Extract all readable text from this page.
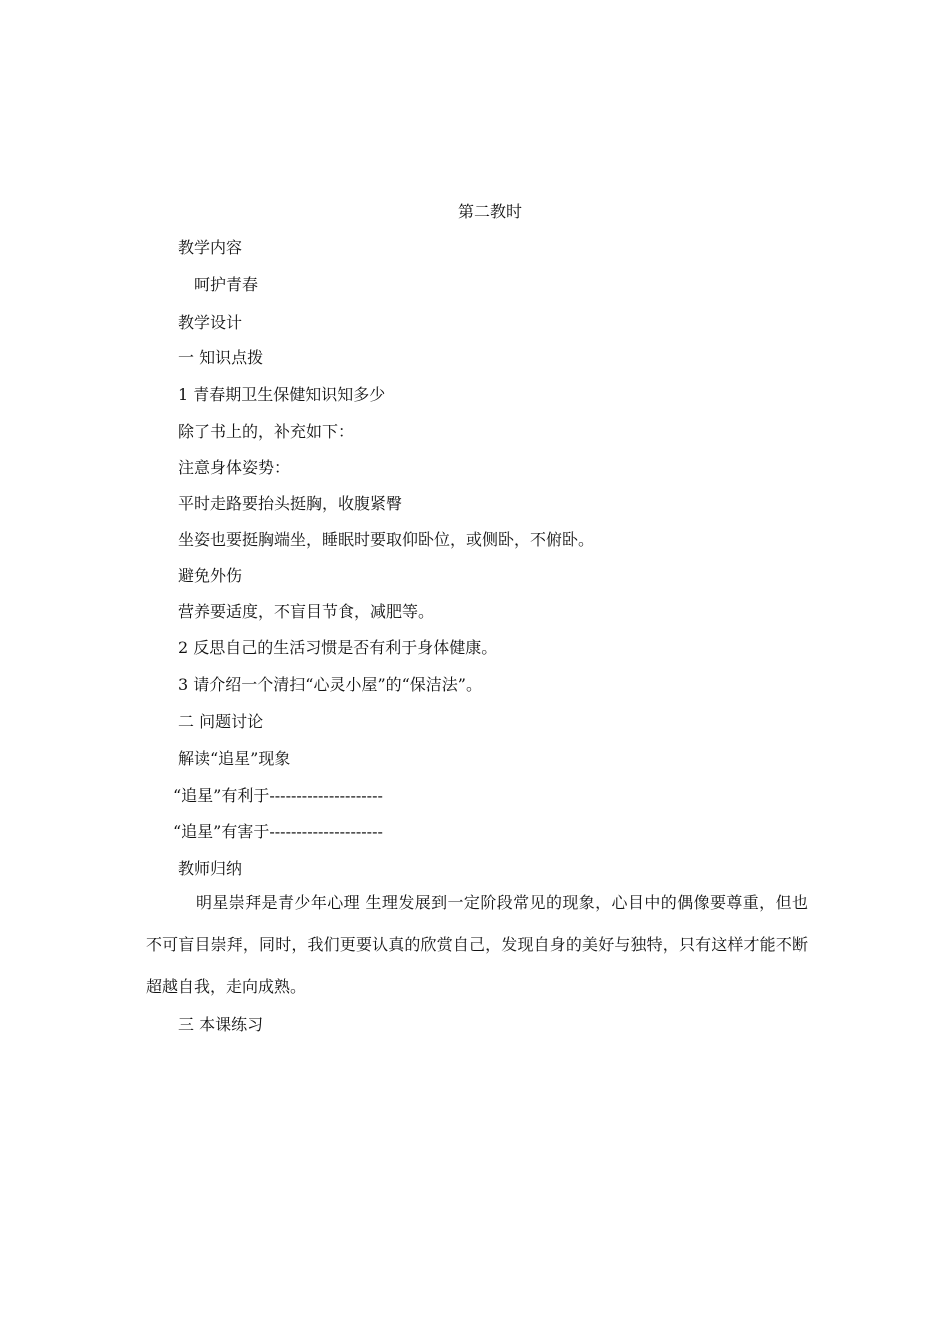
第二教时
教学内容
呵护青春
教学设计
一 知识点拨
1 青春期卫生保健知识知多少
除了书上的，补充如下：
注意身体姿势：
平时走路要抬头挺胸，收腹紧臀
坐姿也要挺胸端坐，睡眠时要取仰卧位，或侧卧，不俯卧。
避免外伤
营养要适度，不盲目节食，减肥等。
2 反思自己的生活习惯是否有利于身体健康。
3 请介绍一个清扫“心灵小屋”的“保洁法”。
二 问题讨论
解读“追星”现象
“追星”有利于---------------------
“追星”有害于---------------------
教师归纳
明星崇拜是青少年心理 生理发展到一定阶段常见的现象，心目中的偶像要尊重，但也不可盲目崇拜，同时，我们更要认真的欣赏自己，发现自身的美好与独特，只有这样才能不断超越自我，走向成熟。
三 本课练习
